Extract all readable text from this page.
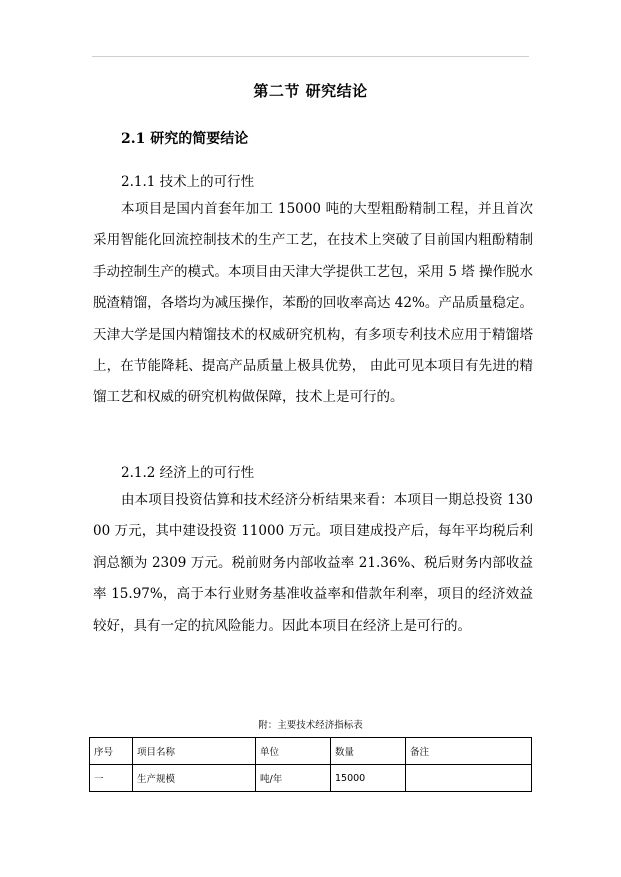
第二节 研究结论
2.1 研究的简要结论
2.1.1 技术上的可行性

本项目是国内首套年加工 15000 吨的大型粗酚精制工程，并且首次采用智能化回流控制技术的生产工艺，在技术上突破了目前国内粗酚精制手动控制生产的模式。本项目由天津大学提供工艺包，采用 5 塔 操作脱水脱渣精馏，各塔均为减压操作，苯酚的回收率高达 42%。产品质量稳定。天津大学是国内精馏技术的权威研究机构，有多项专利技术应用于精馏塔上，在节能降耗、提高产品质量上极具优势， 由此可见本项目有先进的精馏工艺和权威的研究机构做保障，技术上是可行的。

2.1.2 经济上的可行性

由本项目投资估算和技术经济分析结果来看：本项目一期总投资 13000 万元，其中建设投资 11000 万元。项目建成投产后，每年平均税后利润总额为 2309 万元。税前财务内部收益率 21.36%、税后财务内部收益率 15.97%，高于本行业财务基准收益率和借款年利率，项目的经济效益较好，具有一定的抗风险能力。因此本项目在经济上是可行的。

附：主要技术经济指标表
序号	项目名称	单位	数量	备注
一	生产规模	吨/年	15000	
